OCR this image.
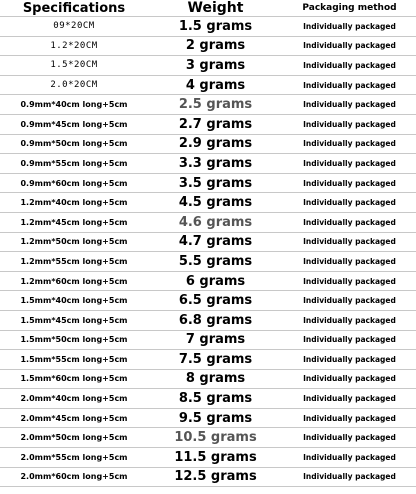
Specifications	Weight	Packaging method
09*20CM	1.5 grams	Individually packaged
1.2*20CM	2 grams	Individually packaged
1.5*20CM	3 grams	Individually packaged
2.0*20CM	4 grams	Individually packaged
0.9mm*40cm long+5cm	2.5 grams	Individually packaged
0.9mm*45cm long+5cm	2.7 grams	Individually packaged
0.9mm*50cm long+5cm	2.9 grams	Individually packaged
0.9mm*55cm long+5cm	3.3 grams	Individually packaged
0.9mm*60cm long+5cm	3.5 grams	Individually packaged
1.2mm*40cm long+5cm	4.5 grams	Individually packaged
1.2mm*45cm long+5cm	4.6 grams	Individually packaged
1.2mm*50cm long+5cm	4.7 grams	Individually packaged
1.2mm*55cm long+5cm	5.5 grams	Individually packaged
1.2mm*60cm long+5cm	6 grams	Individually packaged
1.5mm*40cm long+5cm	6.5 grams	Individually packaged
1.5mm*45cm long+5cm	6.8 grams	Individually packaged
1.5mm*50cm long+5cm	7 grams	Individually packaged
1.5mm*55cm long+5cm	7.5 grams	Individually packaged
1.5mm*60cm long+5cm	8 grams	Individually packaged
2.0mm*40cm long+5cm	8.5 grams	Individually packaged
2.0mm*45cm long+5cm	9.5 grams	Individually packaged
2.0mm*50cm long+5cm	10.5 grams	Individually packaged
2.0mm*55cm long+5cm	11.5 grams	Individually packaged
2.0mm*60cm long+5cm	12.5 grams	Individually packaged
